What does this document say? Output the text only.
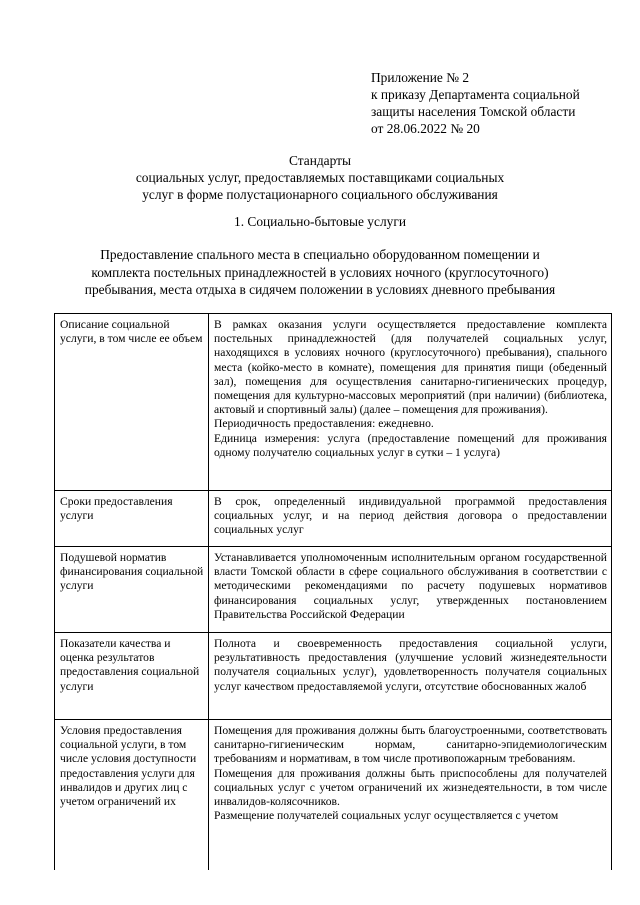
Приложение № 2
к приказу Департамента социальной
защиты населения Томской области
от 28.06.2022 № 20
Стандарты
социальных услуг, предоставляемых поставщиками социальных
услуг в форме полустационарного социального обслуживания
1. Социально-бытовые услуги
Предоставление спального места в специально оборудованном помещении и
комплекта постельных принадлежностей в условиях ночного (круглосуточного)
пребывания, места отдыха в сидячем положении в условиях дневного пребывания
Описание социальной услуги, в том числе ее объем	В рамках оказания услуги осуществляется предоставление комплекта постельных принадлежностей (для получателей социальных услуг, находящихся в условиях ночного (круглосуточного) пребывания), спального места (койко-место в комнате), помещения для принятия пищи (обеденный зал), помещения для осуществления санитарно-гигиенических процедур, помещения для культурно-массовых мероприятий (при наличии) (библиотека, актовый и спортивный залы) (далее – помещения для проживания).

Периодичность предоставления: ежедневно.

Единица измерения: услуга (предоставление помещений для проживания одному получателю социальных услуг в сутки – 1 услуга)

Сроки предоставления услуги	В срок, определенный индивидуальной программой предоставления социальных услуг, и на период действия договора о предоставлении социальных услуг

Подушевой норматив финансирования социальной услуги	Устанавливается уполномоченным исполнительным органом государственной власти Томской области в сфере социального обслуживания в соответствии с методическими рекомендациями по расчету подушевых нормативов финансирования социальных услуг, утвержденных постановлением Правительства Российской Федерации

Показатели качества и оценка результатов предоставления социальной услуги	Полнота и своевременность предоставления социальной услуги, результативность предоставления (улучшение условий жизнедеятельности получателя социальных услуг), удовлетворенность получателя социальных услуг качеством предоставляемой услуги, отсутствие обоснованных жалоб

Условия предоставления социальной услуги, в том числе условия доступности предоставления услуги для инвалидов и других лиц с учетом ограничений их	Помещения для проживания должны быть благоустроенными, соответствовать санитарно-гигиеническим нормам, санитарно-эпидемиологическим требованиям и нормативам, в том числе противопожарным требованиям.

Помещения для проживания должны быть приспособлены для получателей социальных услуг с учетом ограничений их жизнедеятельности, в том числе инвалидов-колясочников.

Размещение получателей социальных услуг осуществляется с учетом
